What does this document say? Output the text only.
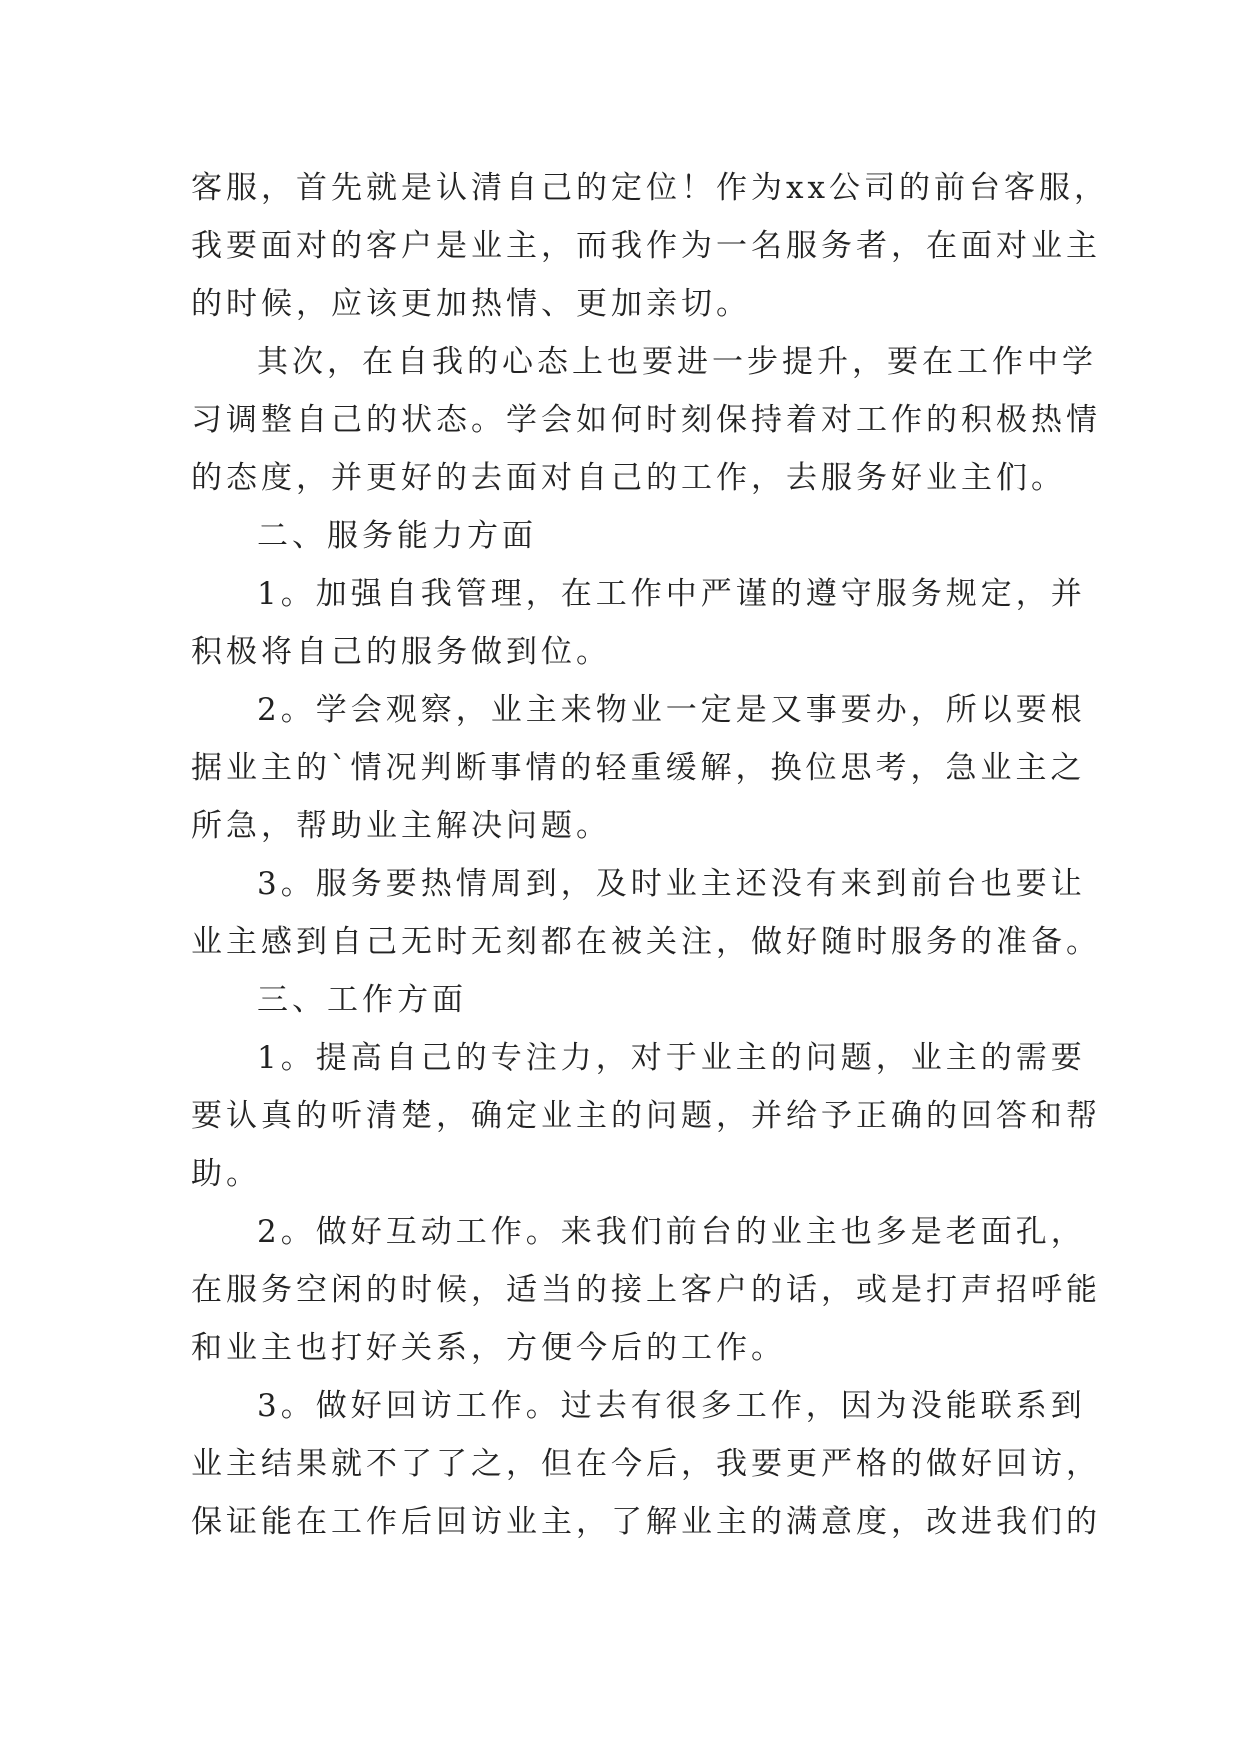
客服，首先就是认清自己的定位！作为xx公司的前台客服，

我要面对的客户是业主，而我作为一名服务者，在面对业主

的时候，应该更加热情、更加亲切。

其次，在自我的心态上也要进一步提升，要在工作中学

习调整自己的状态。学会如何时刻保持着对工作的积极热情

的态度，并更好的去面对自己的工作，去服务好业主们。

二、服务能力方面

1。加强自我管理，在工作中严谨的遵守服务规定，并

积极将自己的服务做到位。

2。学会观察，业主来物业一定是又事要办，所以要根

据业主的`情况判断事情的轻重缓解，换位思考，急业主之

所急，帮助业主解决问题。

3。服务要热情周到，及时业主还没有来到前台也要让

业主感到自己无时无刻都在被关注，做好随时服务的准备。

三、工作方面

1。提高自己的专注力，对于业主的问题，业主的需要

要认真的听清楚，确定业主的问题，并给予正确的回答和帮

助。

2。做好互动工作。来我们前台的业主也多是老面孔，

在服务空闲的时候，适当的接上客户的话，或是打声招呼能

和业主也打好关系，方便今后的工作。

3。做好回访工作。过去有很多工作，因为没能联系到

业主结果就不了了之，但在今后，我要更严格的做好回访，

保证能在工作后回访业主，了解业主的满意度，改进我们的
